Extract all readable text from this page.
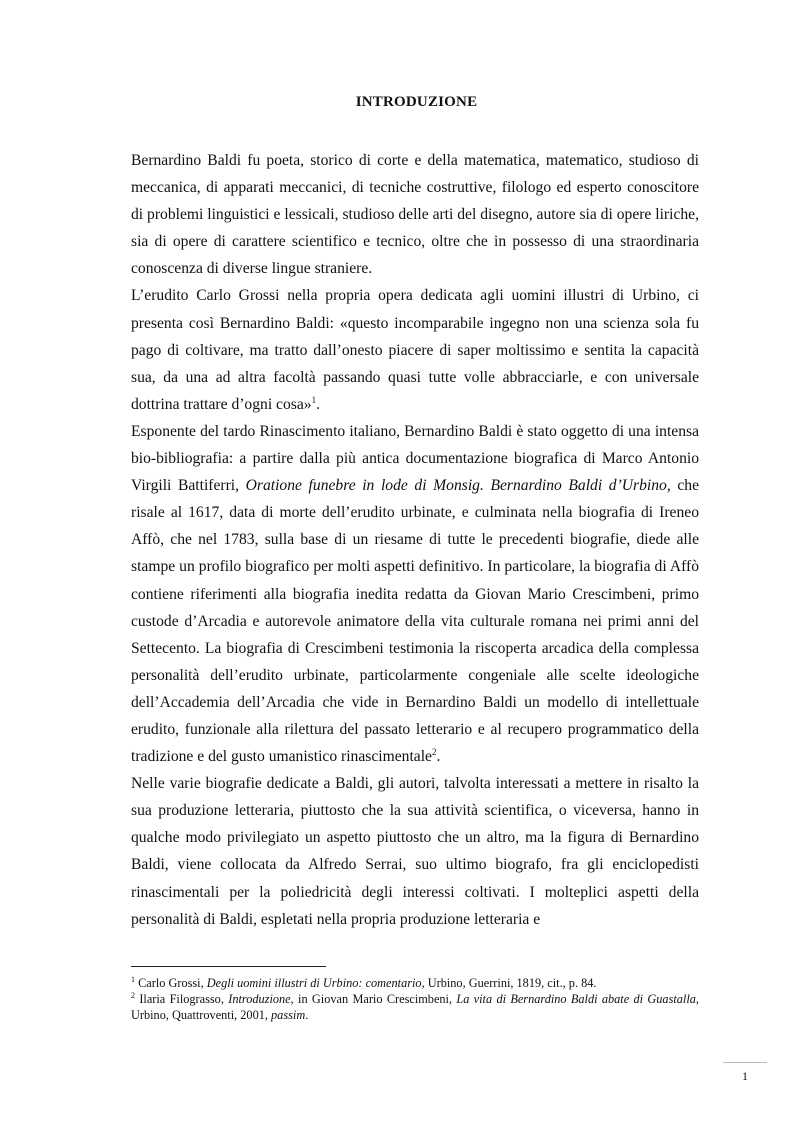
INTRODUZIONE

Bernardino Baldi fu poeta, storico di corte e della matematica, matematico, studioso di meccanica, di apparati meccanici, di tecniche costruttive, filologo ed esperto conoscitore di problemi linguistici e lessicali, studioso delle arti del disegno, autore sia di opere liriche, sia di opere di carattere scientifico e tecnico, oltre che in possesso di una straordinaria conoscenza di diverse lingue straniere.

L’erudito Carlo Grossi nella propria opera dedicata agli uomini illustri di Urbino, ci presenta così Bernardino Baldi: «questo incomparabile ingegno non una scienza sola fu pago di coltivare, ma tratto dall’onesto piacere di saper moltissimo e sentita la capacità sua, da una ad altra facoltà passando quasi tutte volle abbracciarle, e con universale dottrina trattare d’ogni cosa»$^1$.

Esponente del tardo Rinascimento italiano, Bernardino Baldi è stato oggetto di una intensa bio-bibliografia: a partire dalla più antica documentazione biografica di Marco Antonio Virgili Battiferri, Oratione funebre in lode di Monsig. Bernardino Baldi d’Urbino, che risale al 1617, data di morte dell’erudito urbinate, e culminata nella biografia di Ireneo Affò, che nel 1783, sulla base di un riesame di tutte le precedenti biografie, diede alle stampe un profilo biografico per molti aspetti definitivo. In particolare, la biografia di Affò contiene riferimenti alla biografia inedita redatta da Giovan Mario Crescimbeni, primo custode d’Arcadia e autorevole animatore della vita culturale romana nei primi anni del Settecento. La biografia di Crescimbeni testimonia la riscoperta arcadica della complessa personalità dell’erudito urbinate, particolarmente congeniale alle scelte ideologiche dell’Accademia dell’Arcadia che vide in Bernardino Baldi un modello di intellettuale erudito, funzionale alla rilettura del passato letterario e al recupero programmatico della tradizione e del gusto umanistico rinascimentale$^2$.

Nelle varie biografie dedicate a Baldi, gli autori, talvolta interessati a mettere in risalto la sua produzione letteraria, piuttosto che la sua attività scientifica, o viceversa, hanno in qualche modo privilegiato un aspetto piuttosto che un altro, ma la figura di Bernardino Baldi, viene collocata da Alfredo Serrai, suo ultimo biografo, fra gli enciclopedisti rinascimentali per la poliedricità degli interessi coltivati. I molteplici aspetti della personalità di Baldi, espletati nella propria produzione letteraria e

$^1$ Carlo Grossi, Degli uomini illustri di Urbino: comentario, Urbino, Guerrini, 1819, cit., p. 84.

$^2$ Ilaria Filograsso, Introduzione, in Giovan Mario Crescimbeni, La vita di Bernardino Baldi abate di Guastalla, Urbino, Quattroventi, 2001, passim.

1
